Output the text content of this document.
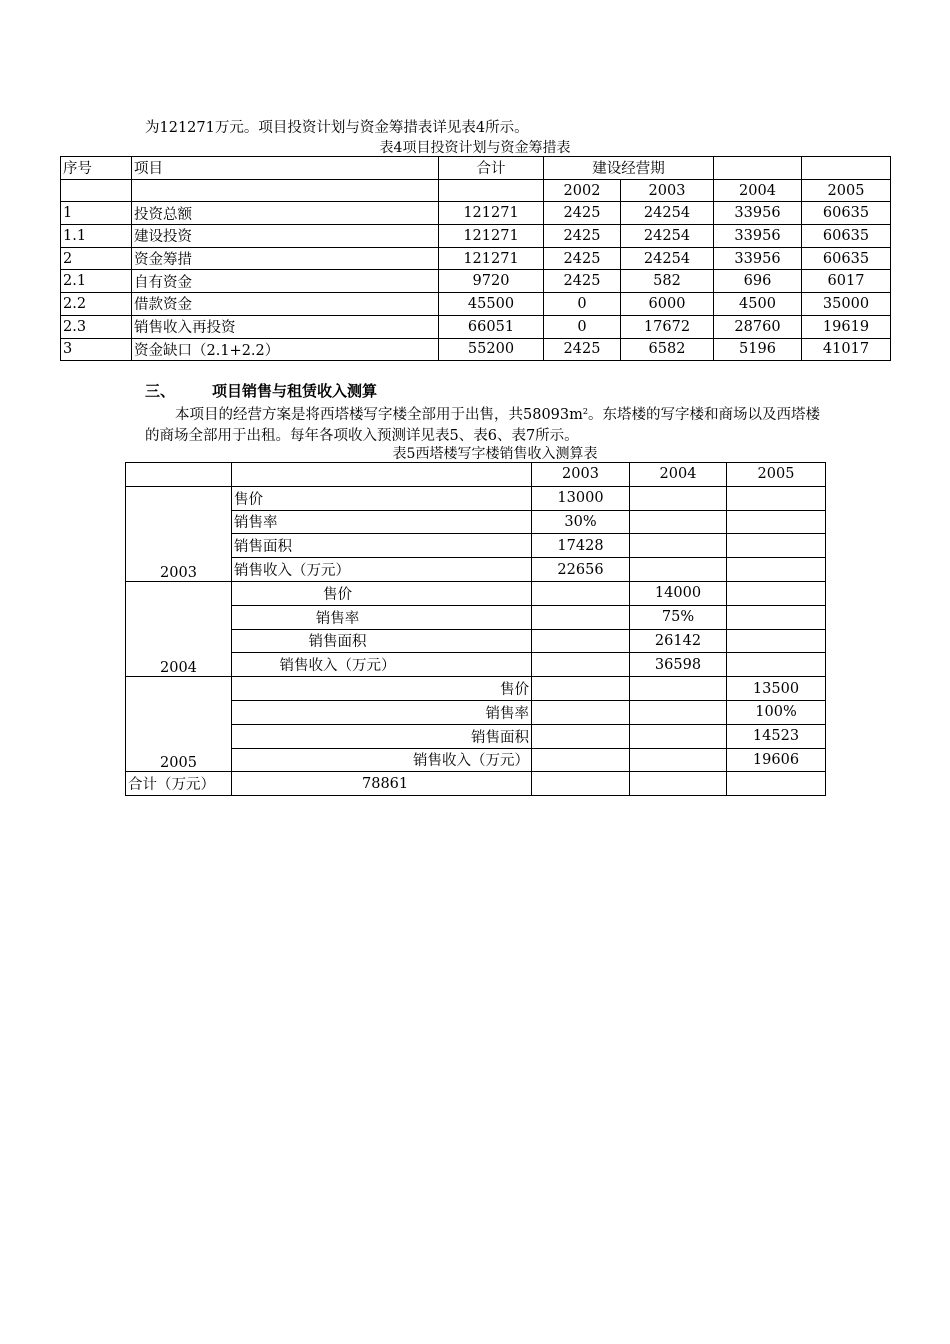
为121271万元。项目投资计划与资金筹措表详见表4所示。
表4项目投资计划与资金筹措表
序号	项目	合计	建设经营期			
			2002	2003	2004	2005
1	投资总额	121271	2425	24254	33956	60635
1.1	建设投资	121271	2425	24254	33956	60635
2	资金筹措	121271	2425	24254	33956	60635
2.1	自有资金	9720	2425	582	696	6017
2.2	借款资金	45500	0	6000	4500	35000
2.3	销售收入再投资	66051	0	17672	28760	19619
3	资金缺口（2.1+2.2）	55200	2425	6582	5196	41017
三、 项目销售与租赁收入测算
本项目的经营方案是将西塔楼写字楼全部用于出售，共$58093m^2$。东塔楼的写字楼和商场以及西塔楼的商场全部用于出租。每年各项收入预测详见表5、表6、表7所示。
表5西塔楼写字楼销售收入测算表
		2003	2004	2005
2003	售价	13000		
	销售率	30%		
	销售面积	17428		
	销售收入（万元）	22656		
2004	售价		14000	
	销售率		75%	
	销售面积		26142	
	销售收入（万元）		36598	
2005	售价			13500
	销售率			100%
	销售面积			14523
	销售收入（万元）			19606
合计（万元）	78861			
